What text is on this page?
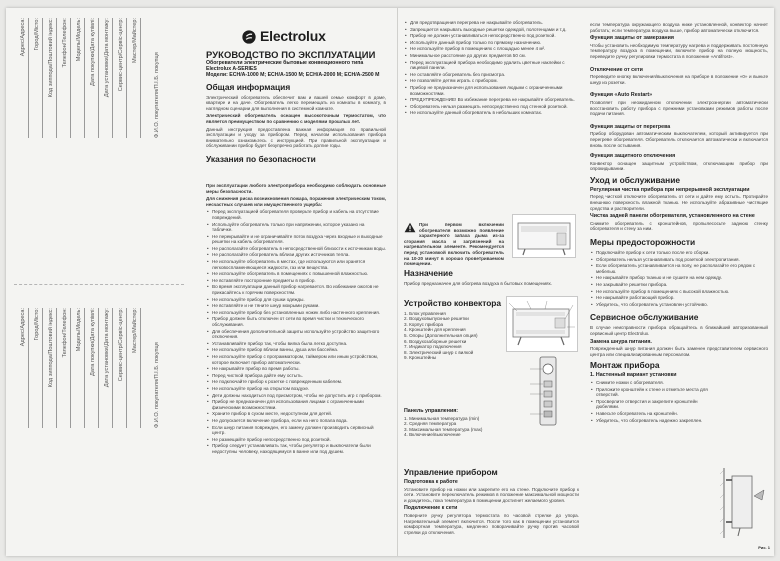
Адрес/Адреса:	Город/Місто:	Код зиппода/Поштовий індекс:	Телефон/Телефон:	Модель/Модель:	Дата покупки/Дата купівлі:	Дата установки/Дата монтажу:	Сервис-центр/Сервіс-центр:	Мастер/Майстер:
Ф.И.О. покупателя/П.І.Б. покупця
Адрес/Адреса:	Город/Місто:	Код зиппода/Поштовий індекс:	Телефон/Телефон:	Модель/Модель:	Дата покупки/Дата купівлі:	Дата установки/Дата монтажу:	Сервис-центр/Сервіс-центр:	Мастер/Майстер:
Ф.И.О. покупателя/П.І.Б. покупця
Electrolux
РУКОВОДСТВО ПО ЭКСПЛУАТАЦИИ
Обогреватели электрические бытовые конвекционного типа
Electrolux A-SERIES
Модели: ECH/A-1000 M; ECH/A-1500 M; ECH/A-2000 M; ECH/A-2500 M
Общая информация

Электрический обогреватель обеспечит вам и вашей семье комфорт в доме, квартире и на даче. Обогреватель легко перемещать из комнаты в комнату, в наглядном сценарии для выполнения в системной комнате.

Электрический обогреватель оснащен высокоточным термостатом, что является преимуществом по сравнению с моделями прошлых лет.

Данный инструкция предоставлена важная информация по правильной эксплуатации и уходу за прибором. Перед началом использования прибора внимательно ознакомьтесь с инструкцией. При правильной эксплуатации и обслуживании прибор будет безупречно работать долгие годы.

Указания по безопасности

При эксплуатации любого электроприбора необходимо соблюдать основные меры безопасности.

Для снижения риска возникновения пожара, поражения электрическим током, несчастных случаев или имущественного ущерба:

• Перед эксплуатацией обогревателя проверьте прибор и кабель на отсутствие повреждений.
• Используйте обогреватель только при напряжении, которое указано на табличке.
• Не перекрывайте и не ограничивайте поток воздуха через входные и выходные решетки на кабель обогревателя.
• Не располагайте обогреватель в непосредственной близости к источникам воды.
• Не располагайте обогреватель вблизи других источников тепла.
• Не используйте обогреватель в местах, где используются или хранятся легковоспламеняющиеся жидкости, газ или вещества.
• Не используйте обогреватель в помещениях с повышенной влажностью.
• Не вставляйте посторонние предметы в прибор.
• Во время эксплуатации данный прибор нагревается. Во избежание ожогов не прикасайтесь к горячим поверхностям.
• Не используйте прибор для сушки одежды.
• Не вставляйте и не тяните шнур мокрыми руками.
• Не используйте прибор без установленных ножек либо настенного крепления.
• Прибор должен быть отключен от сети во время чистки и технического обслуживания.
• Для обеспечения дополнительной защиты используйте устройство защитного отключения.
• Устанавливайте прибор так, чтобы вилка была легко доступна.
• Не используйте прибор вблизи ванны, душа или бассейна.
• Не используйте прибор с программатором, таймером или иным устройством, которое включает прибор автоматически.
• Не накрывайте прибор во время работы.
• Перед чисткой прибора дайте ему остыть.
• Не подключайте прибор к розетке с поврежденным кабелем.
• Не используйте прибор на открытом воздухе.
• Дети должны находиться под присмотром, чтобы не допустить игр с прибором.
• Прибор не предназначен для использования лицами с ограниченными физическими возможностями.
• Храните прибор в сухом месте, недоступном для детей.
• Не допускается включение прибора, если на него попала вода.
• Если шнур питания поврежден, его замену должен производить сервисный центр.
• Не размещайте прибор непосредственно под розеткой.
• Прибор следует устанавливать так, чтобы регулятор и выключатели были недоступны человеку, находящемуся в ванне или под душем.
• Для предотвращения перегрева не накрывайте обогреватель.
• Запрещается накрывать выходные решетки одеждой, полотенцами и т.д.
• Прибор не должен устанавливаться непосредственно под розеткой.
• Используйте данный прибор только по прямому назначению.
• Не используйте прибор в помещениях с площадью менее 4 м².
• Минимальное расстояние до других предметов 50 см.
• Перед эксплуатацией прибора необходимо удалить цветные наклейки с лицевой панели.
• Не оставляйте обогреватель без присмотра.
• Не позволяйте детям играть с прибором.
• Прибор не предназначен для использования людьми с ограниченными возможностями.
• ПРЕДУПРЕЖДЕНИЕ! Во избежание перегрева не накрывайте обогреватель.
• Обогреватель нельзя размещать непосредственно под стенной розеткой.
• Не используйте данный обогреватель в небольших комнатах.

При первом включении обогревателя возможно появление характерного запаха дыма из-за сгорания масла и загрязнений на нагревательном элементе. Рекомендуется перед установкой включить обогреватель на 10-20 минут в хорошо проветриваемом помещении.

Назначение

Прибор предназначен для обогрева воздуха в бытовых помещениях.

Устройство конвектора
1. Блок управления
2. Воздуховыпускные решетки
3. Корпус прибора
4. Кронштейн для крепления
5. Опоры (Дополнительная опция)
6. Воздухозаборные решетки
7. Индикатор подключения
8. Электрический шнур с вилкой
9. Кронштейны
Панель управления:
1. Минимальная температура (min)
2. Средняя температура
3. Максимальная температура (max)
4. Включение/выключение
Управление прибором
Подготовка к работе

Установите прибор на ножки или закрепите его на стене. Подключите прибор к сети. Установите переключатель режимов в положение максимальной мощности и дождитесь, пока температура в помещении достигнет желаемого уровня.

Подключение к сети

Поверните ручку регулятора термостата по часовой стрелке до упора. Нагревательный элемент включится. После того как в помещении установится комфортная температура, медленно поворачивайте ручку против часовой стрелки до отключения.

если температура окружающего воздуха ниже установленной, конвектор начнет работать; если температура воздуха выше, прибор автоматически отключится.

Функция защиты от замерзания

Чтобы установить необходимую температуру нагрева и поддерживать постоянную температуру воздуха в помещении, включите прибор на полную мощность, переведите ручку регулировки термостата в положение «Antifrost».

Отключение от сети

Переведите кнопку включения/выключения на приборе в положение «0» и выньте шнур из розетки.

Функция «Auto Restart»

Позволяет при неожиданном отключении электроэнергии автоматически восстановить работу прибора с прежними установками режимов работы после подачи питания.

Функция защиты от перегрева

Прибор оборудован автоматическим выключателем, который активируется при перегреве обогревателя. Обогреватель отключается автоматически и включается вновь после остывания.

Функция защитного отключения

Конвектор оснащен защитным устройством, отключающим прибор при опрокидывании.

Уход и обслуживание
Регулярная чистка прибора при непрерывной эксплуатации

Перед чисткой отключите обогреватель от сети и дайте ему остыть. Протирайте внешнюю поверхность влажной тканью. Не используйте абразивные чистящие средства и растворители.

Чистка задней панели обогревателя, установленного на стене

Снимите обогреватель с кронштейнов, пропылесосьте заднюю стенку обогревателя и стену за ним.

Меры предосторожности
• Подключайте прибор к сети только после его сборки.
• Обогреватель нельзя устанавливать под розеткой электропитания.
• Если обогреватель устанавливается на полу, не располагайте его рядом с мебелью.
• Не накрывайте прибор тканью и не сушите на нем одежду.
• Не закрывайте решетки прибора.
• Не используйте прибор в помещениях с высокой влажностью.
• Не накрывайте работающий прибор.
• Убедитесь, что обогреватель установлен устойчиво.
Сервисное обслуживание

В случае неисправности прибора обращайтесь в ближайший авторизованный сервисный центр Electrolux.

Замена шнура питания.

Поврежденный шнур питания должен быть заменен представителем сервисного центра или специализированным персоналом.

Монтаж прибора
1. Настенный вариант установки
• Снимите ножки с обогревателя.
• Приложите кронштейн к стене и отметьте места для отверстий.
• Просверлите отверстия и закрепите кронштейн дюбелями.
• Навесьте обогреватель на кронштейн.
• Убедитесь, что обогреватель надежно закреплен.
Рис. 1
